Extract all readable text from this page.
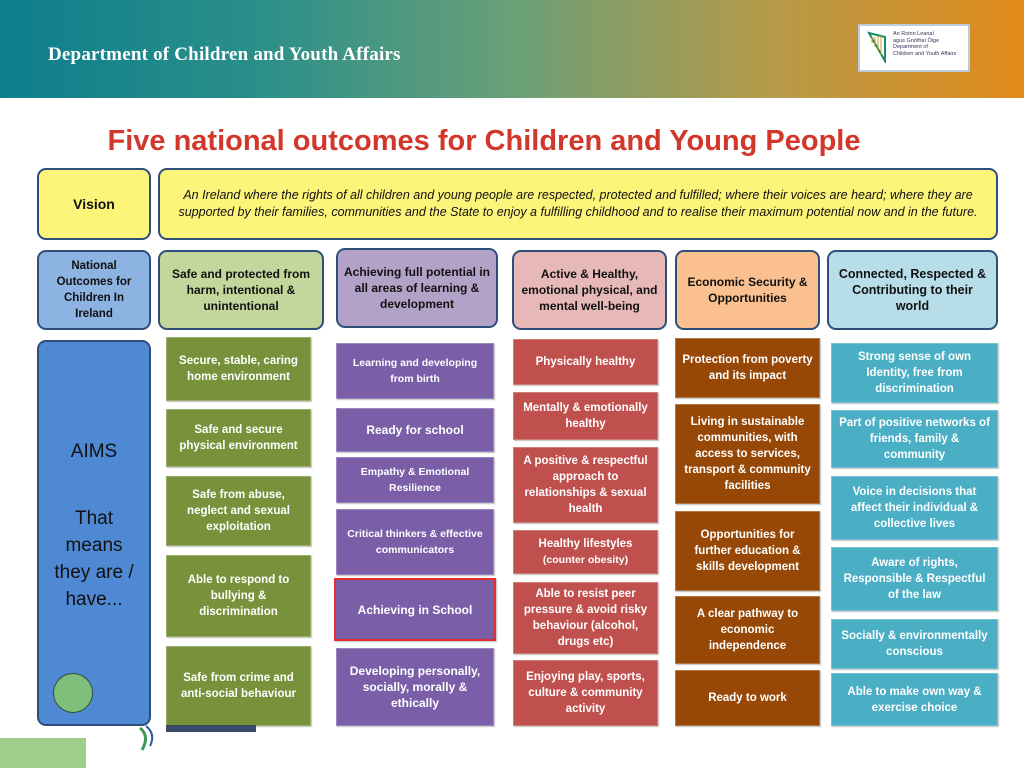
Department of Children and Youth Affairs
An Roinn Leanaí
agus Gnóthaí Óige
Department of
Children and Youth Affairs
Five national outcomes for Children and Young People
Vision
An Ireland where the rights of all children and young people are respected, protected and fulfilled; where their voices are heard; where they are supported by their families, communities and the State to enjoy a fulfilling childhood and to realise their maximum potential now and in the future.
National Outcomes for Children In Ireland
Safe and protected from harm, intentional & unintentional
Achieving full potential in all areas of learning & development
Active & Healthy, emotional physical, and mental well-being
Economic Security & Opportunities
Connected, Respected & Contributing to their world
AIMS
That means they are / have...
Secure, stable, caring home environment
Safe and secure physical environment
Safe from abuse, neglect and sexual exploitation
Able to respond to bullying & discrimination
Safe from crime and anti-social behaviour
Learning and developing from birth
Ready for school
Empathy & Emotional Resilience
Critical thinkers & effective communicators
Achieving in School
Developing personally, socially, morally & ethically
Physically healthy
Mentally & emotionally healthy
A positive & respectful approach to relationships & sexual health
Healthy lifestyles
(counter obesity)
Able to resist peer pressure & avoid risky behaviour (alcohol, drugs etc)
Enjoying play, sports, culture & community activity
Protection from poverty and its impact
Living in sustainable communities, with access to services, transport & community facilities
Opportunities for further education & skills development
A clear pathway to economic independence
Ready to work
Strong sense of own Identity, free from discrimination
Part of positive networks of friends, family & community
Voice in decisions that affect their individual & collective lives
Aware of rights, Responsible & Respectful of the law
Socially & environmentally conscious
Able to make own way & exercise choice
